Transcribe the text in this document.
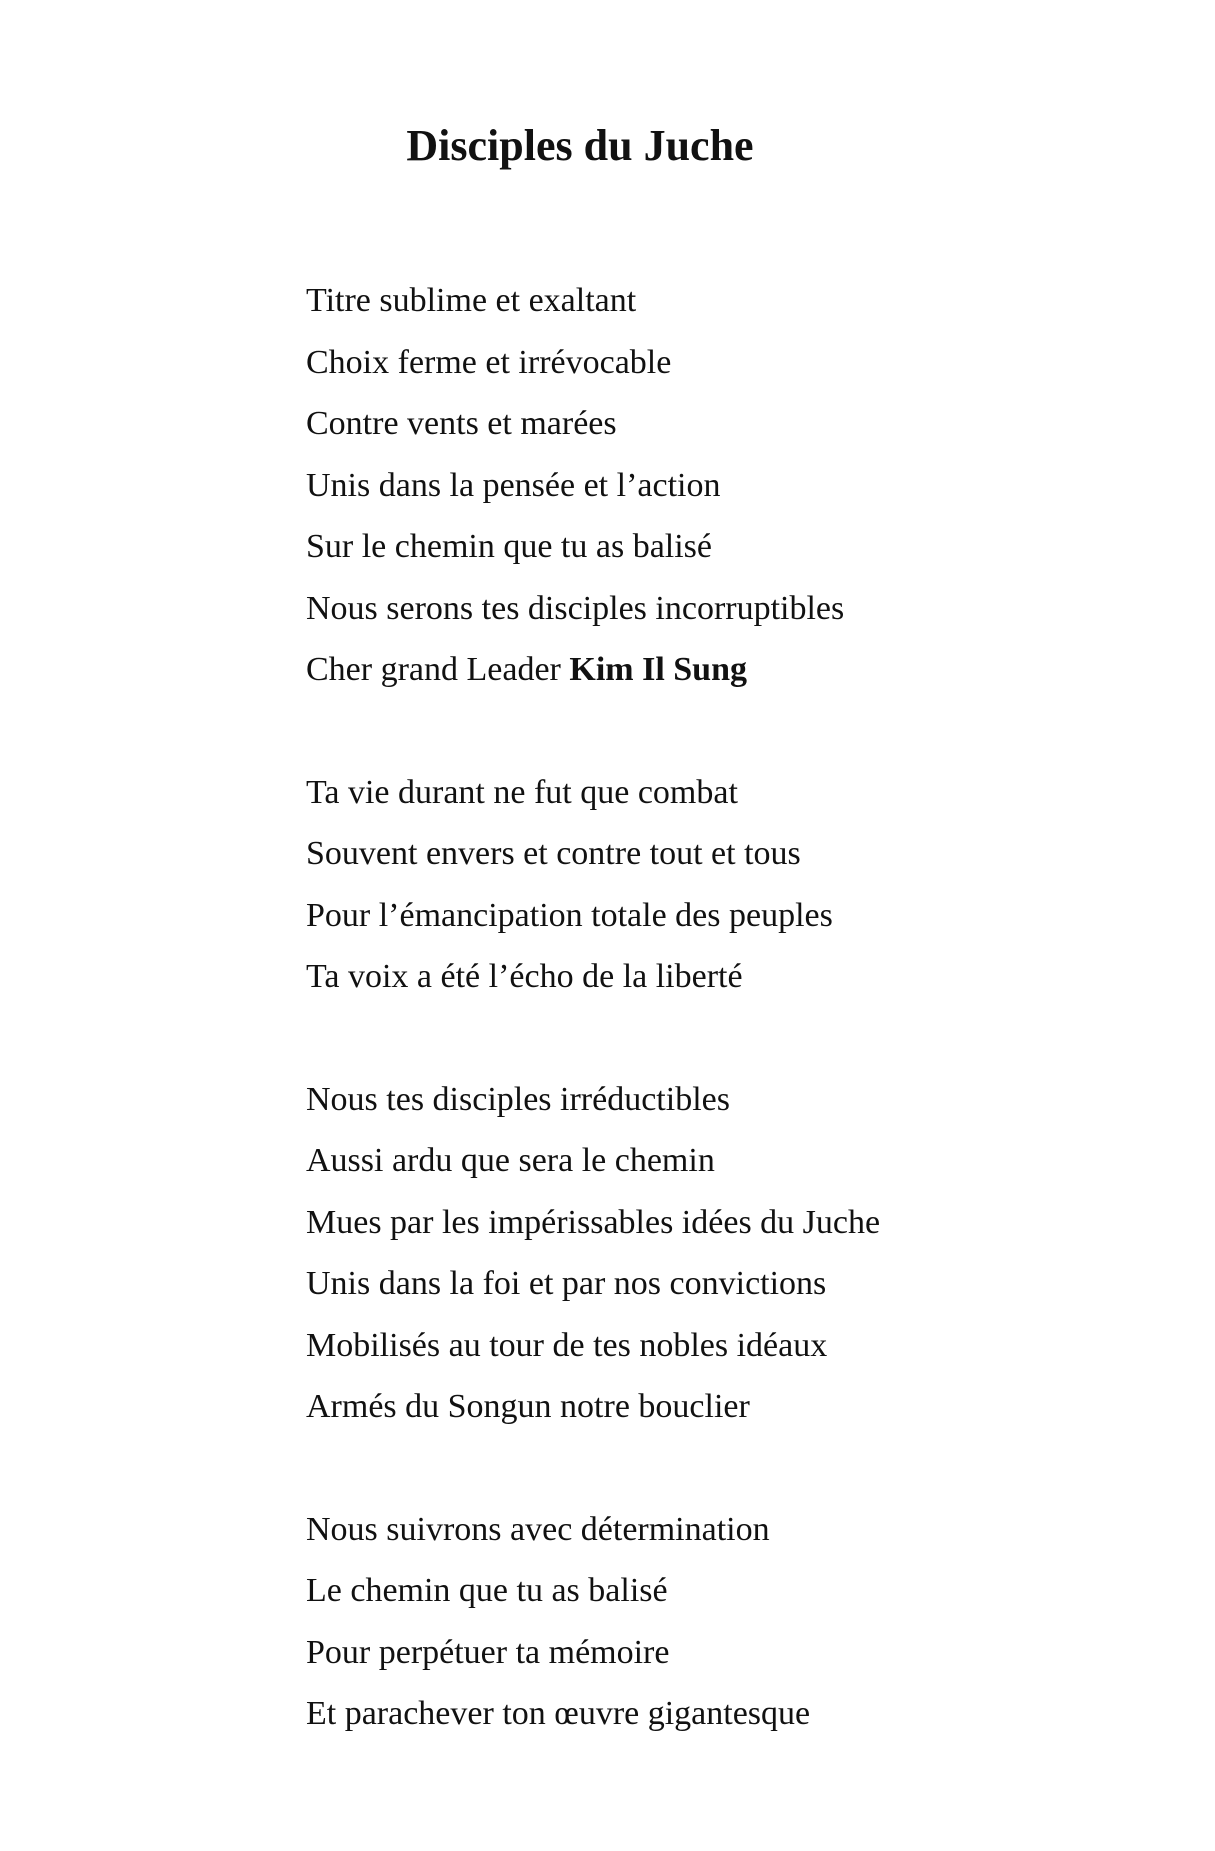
Disciples du Juche

Titre sublime et exaltant

Choix ferme et irrévocable

Contre vents et marées

Unis dans la pensée et l’action

Sur le chemin que tu as balisé

Nous serons tes disciples incorruptibles

Cher grand Leader Kim Il Sung

Ta vie durant ne fut que combat

Souvent envers et contre tout et tous

Pour l’émancipation totale des peuples

Ta voix a été l’écho de la liberté

Nous tes disciples irréductibles

Aussi ardu que sera le chemin

Mues par les impérissables idées du Juche

Unis dans la foi et par nos convictions

Mobilisés au tour de tes nobles idéaux

Armés du Songun notre bouclier

Nous suivrons avec détermination

Le chemin que tu as balisé

Pour perpétuer ta mémoire

Et parachever ton œuvre gigantesque
